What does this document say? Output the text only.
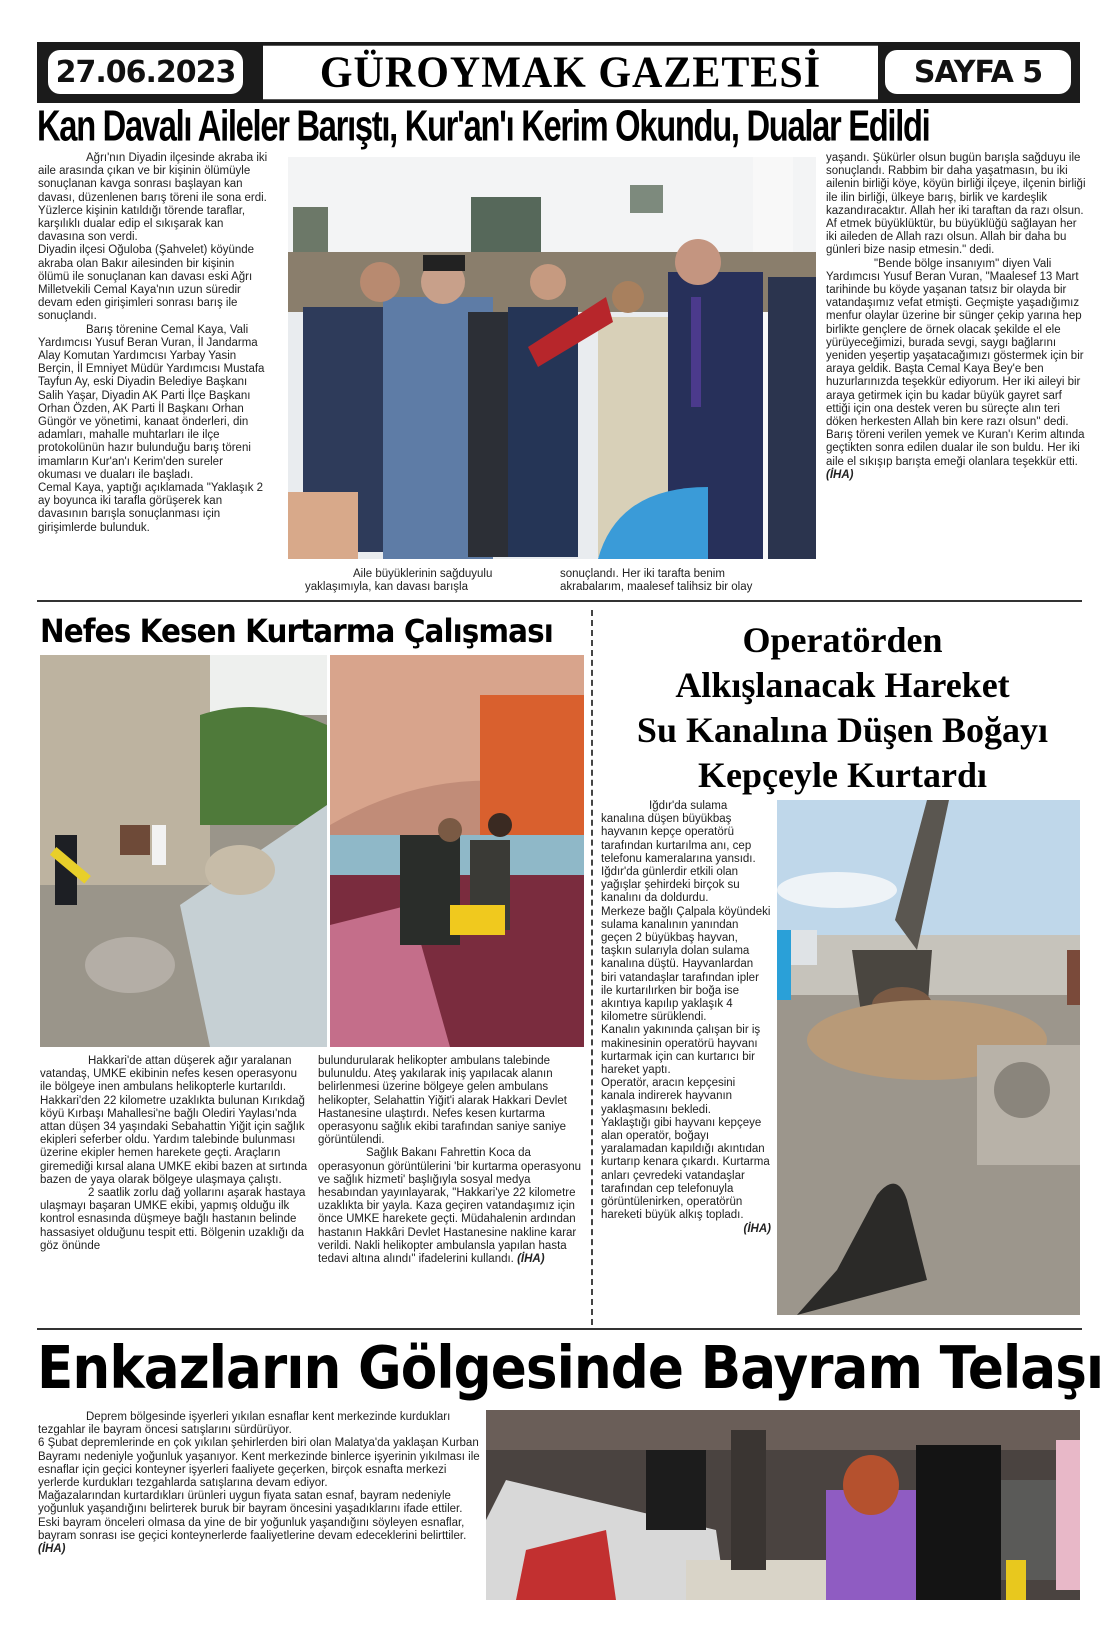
27.06.2023	GÜROYMAK GAZETESİ	SAYFA 5
Kan Davalı Aileler Barıştı, Kur'an'ı Kerim Okundu, Dualar Edildi

Ağrı'nın Diyadin ilçesinde akraba iki aile arasında çıkan ve bir kişinin ölümüyle sonuçlanan kavga sonrası başlayan kan davası, düzenlenen barış töreni ile sona erdi. Yüzlerce kişinin katıldığı törende taraflar, karşılıklı dualar edip el sıkışarak kan davasına son verdi.

Diyadin ilçesi Oğuloba (Şahvelet) köyünde akraba olan Bakır ailesinden bir kişinin ölümü ile sonuçlanan kan davası eski Ağrı Milletvekili Cemal Kaya'nın uzun süredir devam eden girişimleri sonrası barış ile sonuçlandı.

Barış törenine Cemal Kaya, Vali Yardımcısı Yusuf Beran Vuran, İl Jandarma Alay Komutan Yardımcısı Yarbay Yasin Berçin, İl Emniyet Müdür Yardımcısı Mustafa Tayfun Ay, eski Diyadin Belediye Başkanı Salih Yaşar, Diyadin AK Parti İlçe Başkanı Orhan Özden, AK Parti İl Başkanı Orhan Güngör ve yönetimi, kanaat önderleri, din adamları, mahalle muhtarları ile ilçe protokolünün hazır bulunduğu barış töreni imamların Kur'an'ı Kerim'den sureler okuması ve duaları ile başladı.

Cemal Kaya, yaptığı açıklamada "Yaklaşık 2 ay boyunca iki tarafla görüşerek kan davasının barışla sonuçlanması için girişimlerde bulunduk.

Aile büyüklerinin sağduyulu yaklaşımıyla, kan davası barışla

sonuçlandı. Her iki tarafta benim akrabalarım, maalesef talihsiz bir olay

yaşandı. Şükürler olsun bugün barışla sağduyu ile sonuçlandı. Rabbim bir daha yaşatmasın, bu iki ailenin birliği köye, köyün birliği ilçeye, ilçenin birliği ile ilin birliği, ülkeye barış, birlik ve kardeşlik kazandıracaktır. Allah her iki taraftan da razı olsun. Af etmek büyüklüktür, bu büyüklüğü sağlayan her iki aileden de Allah razı olsun. Allah bir daha bu günleri bize nasip etmesin." dedi.

"Bende bölge insanıyım" diyen Vali Yardımcısı Yusuf Beran Vuran, "Maalesef 13 Mart tarihinde bu köyde yaşanan tatsız bir olayda bir vatandaşımız vefat etmişti. Geçmişte yaşadığımız menfur olaylar üzerine bir sünger çekip yarına hep birlikte gençlere de örnek olacak şekilde el ele yürüyeceğimizi, burada sevgi, saygı bağlarını yeniden yeşertip yaşatacağımızı göstermek için bir araya geldik. Başta Cemal Kaya Bey'e ben huzurlarınızda teşekkür ediyorum. Her iki aileyi bir araya getirmek için bu kadar büyük gayret sarf ettiği için ona destek veren bu süreçte alın teri döken herkesten Allah bin kere razı olsun" dedi.

Barış töreni verilen yemek ve Kuran'ı Kerim altında geçtikten sonra edilen dualar ile son buldu. Her iki aile el sıkışıp barışta emeği olanlara teşekkür etti. (İHA)

Nefes Kesen Kurtarma Çalışması

Hakkari'de attan düşerek ağır yaralanan vatandaş, UMKE ekibinin nefes kesen operasyonu ile bölgeye inen ambulans helikopterle kurtarıldı.

Hakkari'den 22 kilometre uzaklıkta bulunan Kırıkdağ köyü Kırbaşı Mahallesi'ne bağlı Olediri Yaylası'nda attan düşen 34 yaşındaki Sebahattin Yiğit için sağlık ekipleri seferber oldu. Yardım talebinde bulunması üzerine ekipler hemen harekete geçti. Araçların giremediği kırsal alana UMKE ekibi bazen at sırtında bazen de yaya olarak bölgeye ulaşmaya çalıştı.

2 saatlik zorlu dağ yollarını aşarak hastaya ulaşmayı başaran UMKE ekibi, yapmış olduğu ilk kontrol esnasında düşmeye bağlı hastanın belinde hassasiyet olduğunu tespit etti. Bölgenin uzaklığı da göz önünde

bulundurularak helikopter ambulans talebinde bulunuldu. Ateş yakılarak iniş yapılacak alanın belirlenmesi üzerine bölgeye gelen ambulans helikopter, Selahattin Yiğit'i alarak Hakkari Devlet Hastanesine ulaştırdı. Nefes kesen kurtarma operasyonu sağlık ekibi tarafından saniye saniye görüntülendi.

Sağlık Bakanı Fahrettin Koca da operasyonun görüntülerini 'bir kurtarma operasyonu ve sağlık hizmeti' başlığıyla sosyal medya hesabından yayınlayarak, "Hakkari'ye 22 kilometre uzaklıkta bir yayla. Kaza geçiren vatandaşımız için önce UMKE harekete geçti. Müdahalenin ardından hastanın Hakkâri Devlet Hastanesine nakline karar verildi. Nakli helikopter ambulansla yapılan hasta tedavi altına alındı" ifadelerini kullandı. (İHA)

Operatörden
Alkışlanacak Hareket
Su Kanalına Düşen Boğayı
Kepçeyle Kurtardı

Iğdır'da sulama kanalına düşen büyükbaş hayvanın kepçe operatörü tarafından kurtarılma anı, cep telefonu kameralarına yansıdı.

Iğdır'da günlerdir etkili olan yağışlar şehirdeki birçok su kanalını da doldurdu.

Merkeze bağlı Çalpala köyündeki sulama kanalının yanından geçen 2 büyükbaş hayvan, taşkın sularıyla dolan sulama kanalına düştü. Hayvanlardan biri vatandaşlar tarafından ipler ile kurtarılırken bir boğa ise akıntıya kapılıp yaklaşık 4 kilometre sürüklendi.

Kanalın yakınında çalışan bir iş makinesinin operatörü hayvanı kurtarmak için can kurtarıcı bir hareket yaptı.

Operatör, aracın kepçesini kanala indirerek hayvanın yaklaşmasını bekledi.

Yaklaştığı gibi hayvanı kepçeye alan operatör, boğayı yaralamadan kapıldığı akıntıdan kurtarıp kenara çıkardı. Kurtarma anları çevredeki vatandaşlar tarafından cep telefonuyla görüntülenirken, operatörün hareketi büyük alkış topladı.

(İHA)

Enkazların Gölgesinde Bayram Telaşı

Deprem bölgesinde işyerleri yıkılan esnaflar kent merkezinde kurdukları tezgahlar ile bayram öncesi satışlarını sürdürüyor.

6 Şubat depremlerinde en çok yıkılan şehirlerden biri olan Malatya'da yaklaşan Kurban Bayramı nedeniyle yoğunluk yaşanıyor. Kent merkezinde binlerce işyerinin yıkılması ile esnaflar için geçici konteyner işyerleri faaliyete geçerken, birçok esnafta merkezi yerlerde kurdukları tezgahlarda satışlarına devam ediyor.

Mağazalarından kurtardıkları ürünleri uygun fiyata satan esnaf, bayram nedeniyle yoğunluk yaşandığını belirterek buruk bir bayram öncesini yaşadıklarını ifade ettiler.

Eski bayram önceleri olmasa da yine de bir yoğunluk yaşandığını söyleyen esnaflar, bayram sonrası ise geçici konteynerlerde faaliyetlerine devam edeceklerini belirttiler. (İHA)
